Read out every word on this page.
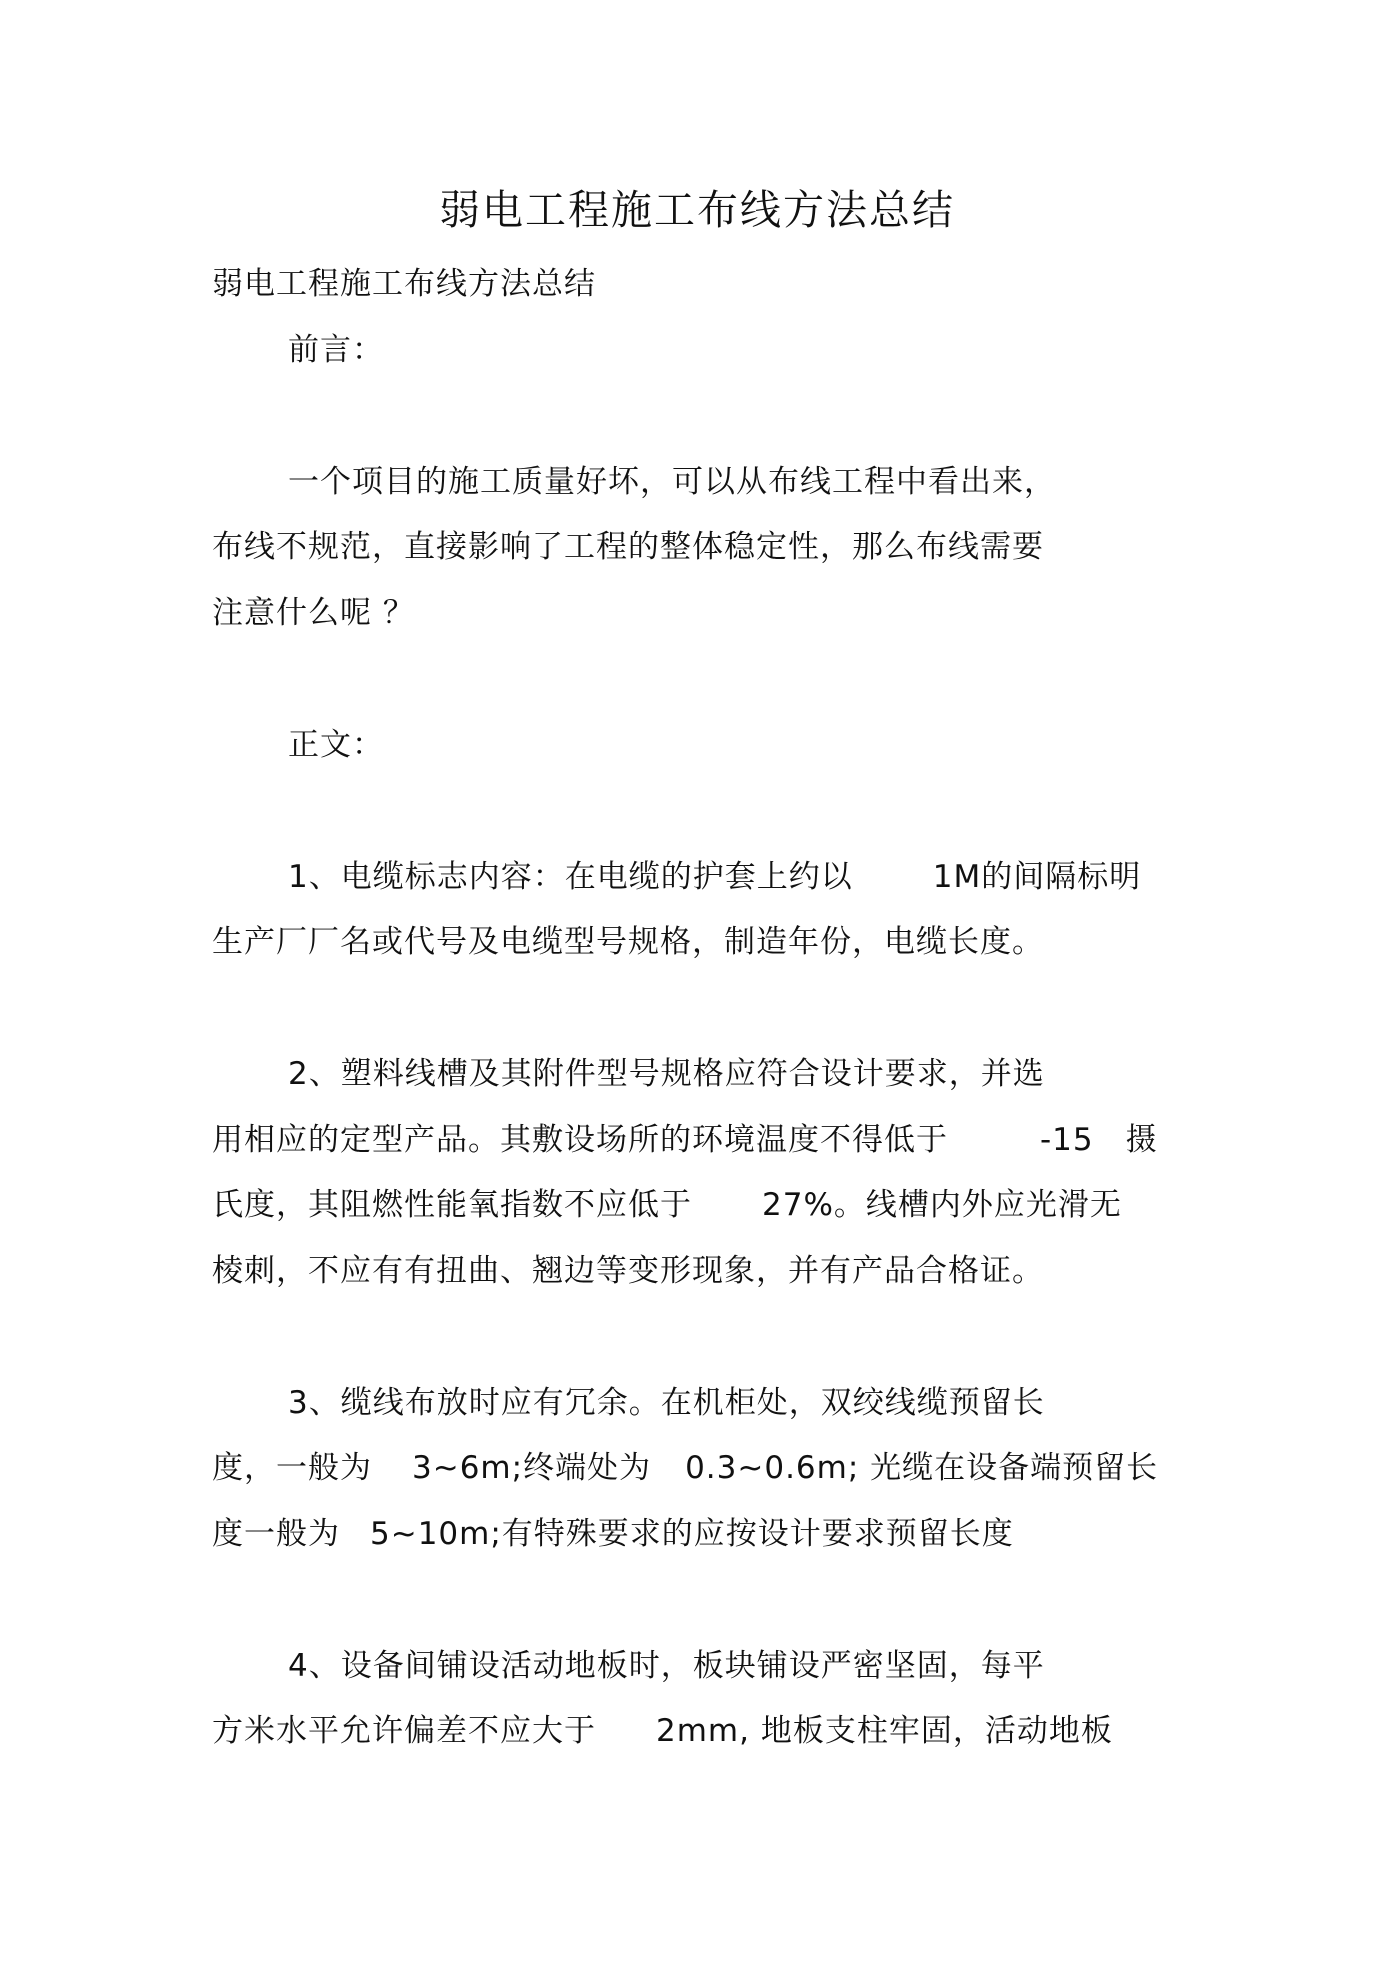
弱电工程施工布线方法总结
弱电工程施工布线方法总结
前言：
一个项目的施工质量好坏，可以从布线工程中看出来，
布线不规范，直接影响了工程的整体稳定性，那么布线需要
注意什么呢 ？
正文：
1、电缆标志内容：在电缆的护套上约以	1M的间隔标明
生产厂厂名或代号及电缆型号规格，制造年份，电缆长度。
2、塑料线槽及其附件型号规格应符合设计要求，并选
用相应的定型产品。其敷设场所的环境温度不得低于	-15 摄
氏度，其阻燃性能氧指数不应低于 27%。线槽内外应光滑无
棱刺，不应有有扭曲、翘边等变形现象，并有产品合格证。
3、缆线布放时应有冗余。在机柜处，双绞线缆预留长
度，一般为 3~6m;终端处为 0.3~0.6m; 光缆在设备端预留长
度一般为 5~10m;有特殊要求的应按设计要求预留长度
4、设备间铺设活动地板时，板块铺设严密坚固，每平
方米水平允许偏差不应大于 2mm, 地板支柱牢固，活动地板
